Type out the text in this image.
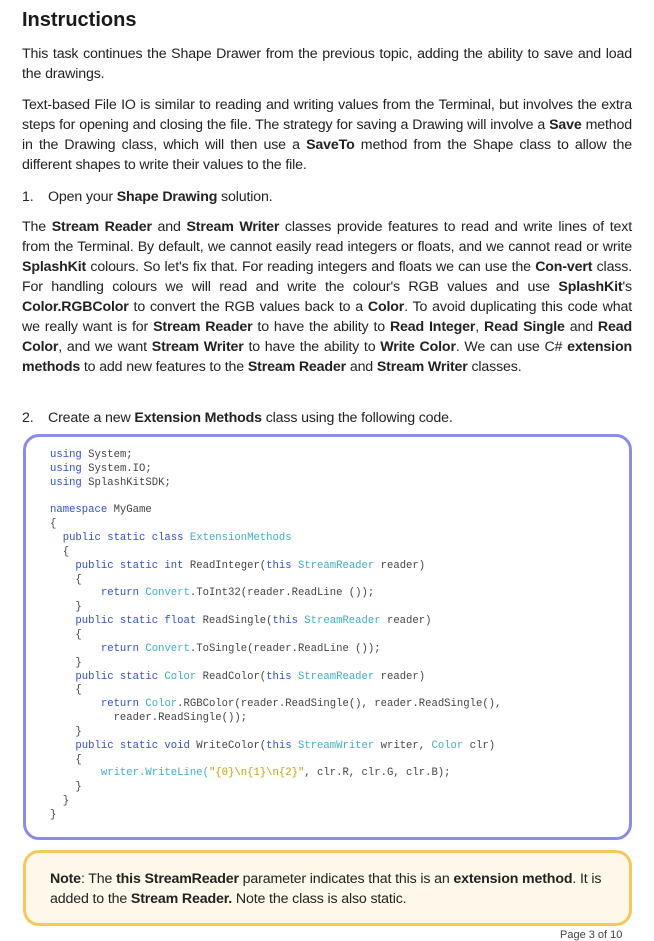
Instructions

This task continues the Shape Drawer from the previous topic, adding the ability to save and load the drawings.

Text-based File IO is similar to reading and writing values from the Terminal, but involves the extra steps for opening and closing the file. The strategy for saving a Drawing will involve a Save method in the Drawing class, which will then use a SaveTo method from the Shape class to allow the different shapes to write their values to the file.

1. Open your Shape Drawing solution.

The Stream Reader and Stream Writer classes provide features to read and write lines of text from the Terminal. By default, we cannot easily read integers or floats, and we cannot read or write SplashKit colours. So let's fix that. For reading integers and floats we can use the Con-vert class. For handling colours we will read and write the colour's RGB values and use SplashKit's Color.RGBColor to convert the RGB values back to a Color. To avoid duplicating this code what we really want is for Stream Reader to have the ability to Read Integer, Read Single and Read Color, and we want Stream Writer to have the ability to Write Color. We can use C# extension methods to add new features to the Stream Reader and Stream Writer classes.

2. Create a new Extension Methods class using the following code.

using System;
using System.IO;
using SplashKitSDK;

namespace MyGame
{
public static class ExtensionMethods
{
public static int ReadInteger(this StreamReader reader)
{
return Convert.ToInt32(reader.ReadLine ());
}
public static float ReadSingle(this StreamReader reader)
{
return Convert.ToSingle(reader.ReadLine ());
}
public static Color ReadColor(this StreamReader reader)
{
return Color.RGBColor(reader.ReadSingle(), reader.ReadSingle(),
reader.ReadSingle());
}
public static void WriteColor(this StreamWriter writer, Color clr)
{
writer.WriteLine("{0}\n{1}\n{2}", clr.R, clr.G, clr.B);
}
}
}

Note: The this StreamReader parameter indicates that this is an extension method. It is added to the Stream Reader. Note the class is also static.

Page 3 of 10
